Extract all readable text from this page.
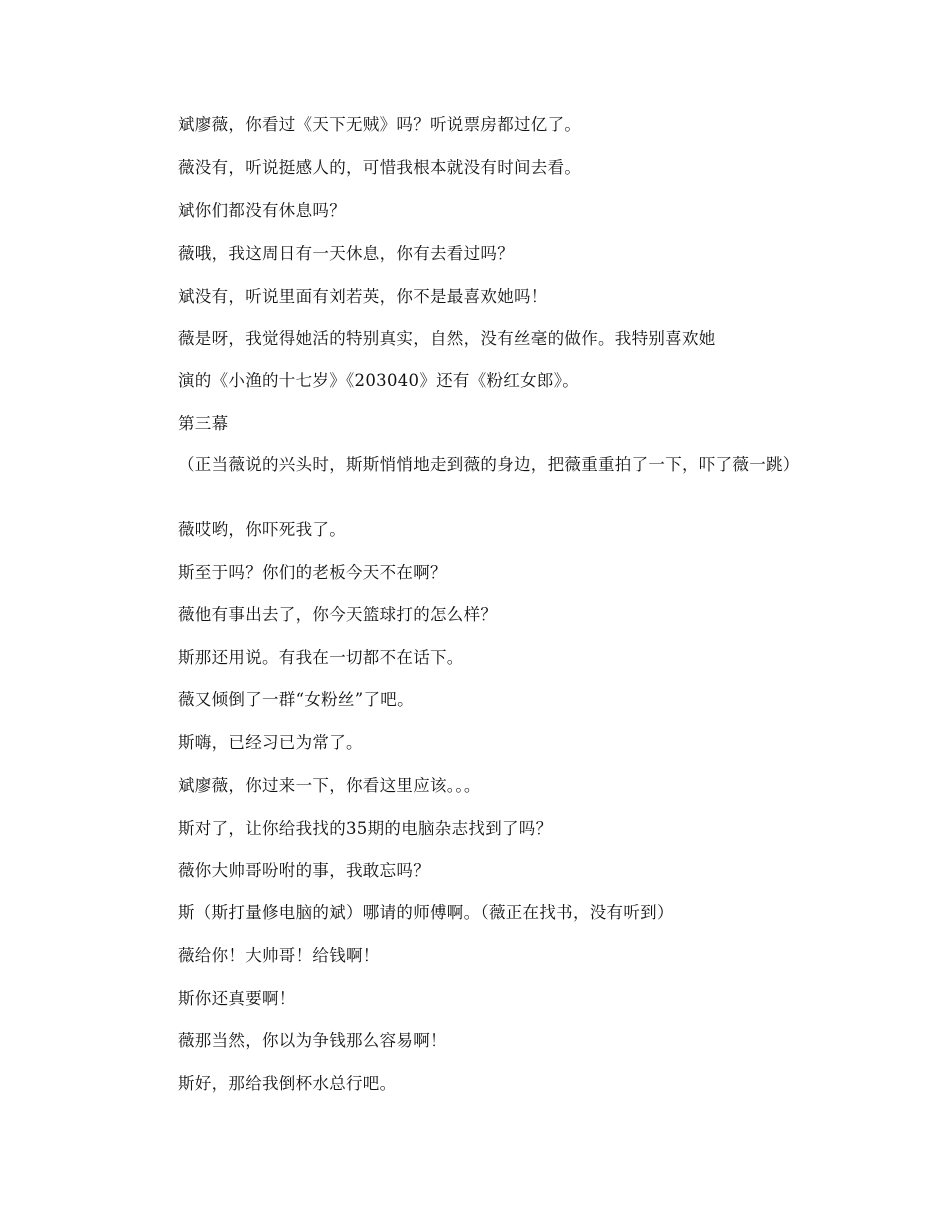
斌廖薇，你看过《天下无贼》吗？听说票房都过亿了。
薇没有，听说挺感人的，可惜我根本就没有时间去看。
斌你们都没有休息吗？
薇哦，我这周日有一天休息，你有去看过吗？
斌没有，听说里面有刘若英，你不是最喜欢她吗！
薇是呀，我觉得她活的特别真实，自然，没有丝毫的做作。我特别喜欢她
演的《小渔的十七岁》《203040》还有《粉红女郎》。
第三幕
（正当薇说的兴头时，斯斯悄悄地走到薇的身边，把薇重重拍了一下，吓了薇一跳）
薇哎哟，你吓死我了。
斯至于吗？你们的老板今天不在啊？
薇他有事出去了，你今天篮球打的怎么样？
斯那还用说。有我在一切都不在话下。
薇又倾倒了一群“女粉丝”了吧。
斯嗨，已经习已为常了。
斌廖薇，你过来一下，你看这里应该。。。
斯对了，让你给我找的35期的电脑杂志找到了吗？
薇你大帅哥吩咐的事，我敢忘吗？
斯（斯打量修电脑的斌）哪请的师傅啊。（薇正在找书，没有听到）
薇给你！大帅哥！给钱啊！
斯你还真要啊！
薇那当然，你以为争钱那么容易啊！
斯好，那给我倒杯水总行吧。
